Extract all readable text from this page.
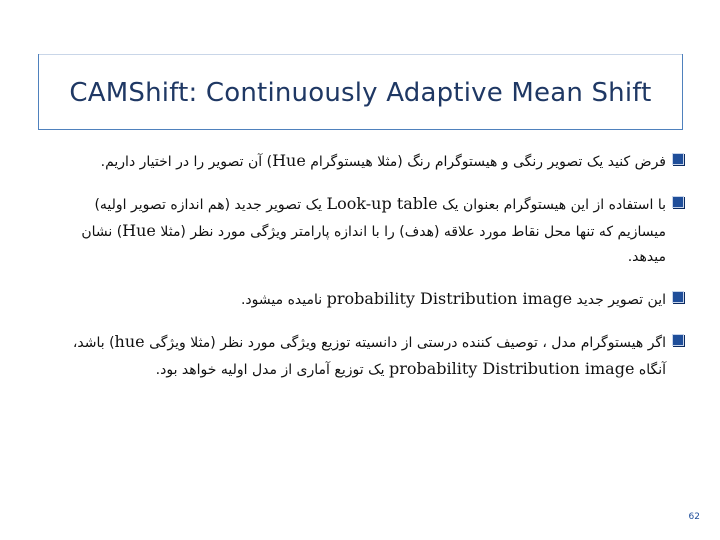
CAMShift: Continuously Adaptive Mean Shift
فرض کنید یک تصویر رنگی و هیستوگرام رنگ (مثلا هیستوگرام Hue) آن تصویر را در اختیار داریم.
با استفاده از این هیستوگرام بعنوان یک Look-up table یک تصویر جدید (هم اندازه تصویر اولیه) میسازیم که تنها محل نقاط مورد علاقه (هدف) را با اندازه پارامتر ویژگی مورد نظر (مثلا Hue) نشان میدهد.
این تصویر جدید probability Distribution image نامیده میشود.
اگر هیستوگرام مدل ، توصیف کننده درستی از دانسیته توزیع ویژگی مورد نظر (مثلا ویژگی hue) باشد، آنگاه probability Distribution image یک توزیع آماری از مدل اولیه خواهد بود.
62
